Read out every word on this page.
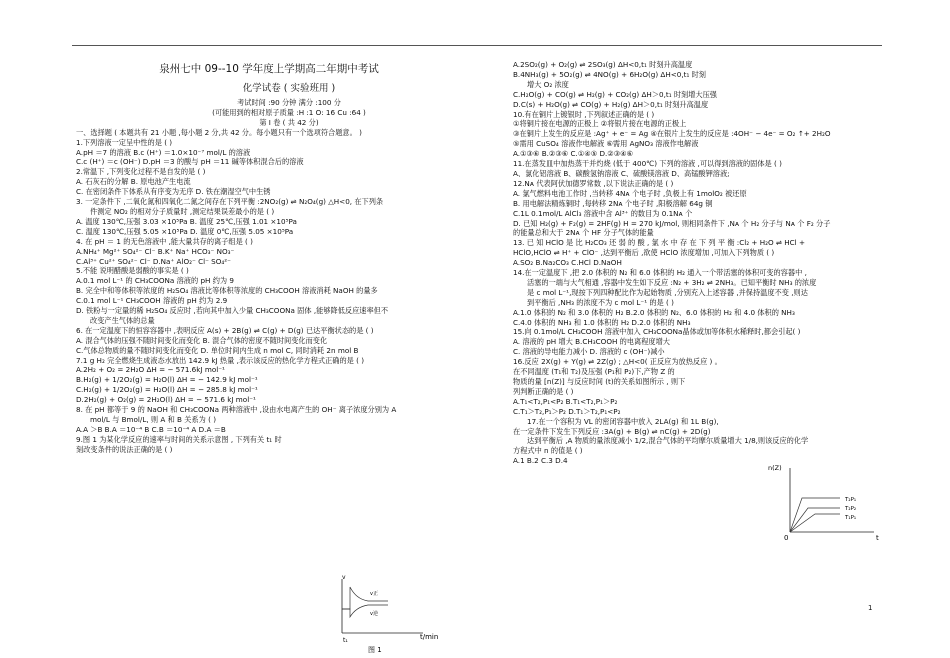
泉州七中 09--10 学年度上学期高二年期中考试

化学试卷 ( 实验班用 )

考试时间 :90 分钟 满分 :100 分

(可能用到的相对原子质量 :H :1 O: 16 Cu :64 )

第 I 卷 ( 共 42 分)

一、选择题 ( 本题共有 21 小题 ,每小题 2 分,共 42 分。每小题只有一个选项符合题意。 )

1.下列溶液一定呈中性的是 ( )

A.pH ＝7 的溶液 B.c (H⁺) ＝1.0×10⁻⁷ mol/L 的溶液

C.c (H⁺) ＝c (OH⁻) D.pH ＝3 的酸与 pH ＝11 碱等体积混合后的溶液

2.常温下 ,下列变化过程不是自发的是 ( )

A. 石灰石的分解 B. 原电池产生电流

C. 在密闭条件下体系从有序变为无序 D. 铁在潮湿空气中生锈

3. 一定条件下 ,二氧化氮和四氧化二氮之间存在下列平衡 :2NO₂(g) ⇌ N₂O₄(g) △H<0, 在下列条

件测定 NO₂ 的相对分子质量时 ,测定结果误差最小的是 ( )

A. 温度 130℃,压强 3.03 ×10⁵Pa B. 温度 25℃,压强 1.01 ×10⁵Pa

C. 温度 130℃,压强 5.05 ×10⁵Pa D. 温度 0℃,压强 5.05 ×10⁵Pa

4. 在 pH ＝ 1 的无色溶液中 ,能大量共存的离子组是 ( )

A.NH₄⁺ Mg²⁺ SO₄²⁻ Cl⁻ B.K⁺ Na⁺ HCO₃⁻ NO₃⁻

C.Al³⁺ Cu²⁺ SO₄²⁻ Cl⁻ D.Na⁺ AlO₂⁻ Cl⁻ SO₄²⁻

5.不能 说明醋酸是弱酸的事实是 ( )

A.0.1 mol L⁻¹ 的 CH₃COONa 溶液的 pH 约为 9

B. 完全中和等体积等浓度的 H₂SO₄ 溶液比等体积等浓度的 CH₃COOH 溶液消耗 NaOH 的量多

C.0.1 mol L⁻¹ CH₃COOH 溶液的 pH 约为 2.9

D. 铁粉与一定量的稀 H₂SO₄ 反应时 ,若向其中加入少量 CH₃COONa 固体 ,能够降低反应速率但不

改变产生气体的总量

6. 在一定温度下的恒容容器中 ,表明反应 A(s) + 2B(g) ⇌ C(g) + D(g) 已达平衡状态的是 ( )

A. 混合气体的压强不随时间变化而变化 B. 混合气体的密度不随时间变化而变化

C.气体总物质的量不随时间变化而变化 D. 单位时间内生成 n mol C, 同时消耗 2n mol B

7.1 g H₂ 完全燃烧生成液态水放出 142.9 kJ 热量 ,表示该反应的热化学方程式正确的是 ( )

A.2H₂ + O₂ = 2H₂O ΔH = − 571.6kJ mol⁻¹

B.H₂(g) + 1/2O₂(g) = H₂O(l) ΔH = − 142.9 kJ mol⁻¹

C.H₂(g) + 1/2O₂(g) = H₂O(l) ΔH = − 285.8 kJ mol⁻¹

D.2H₂(g) + O₂(g) = 2H₂O(l) ΔH = − 571.6 kJ mol⁻¹

8. 在 pH 都等于 9 的 NaOH 和 CH₃COONa 两种溶液中 ,设由水电离产生的 OH⁻ 离子浓度分别为 A

mol/L 与 Bmol/L, 则 A 和 B 关系为 ( )

A.A ＞B B.A ＝10⁻⁴ B C.B ＝10⁻⁴ A D.A ＝B

9.图 1 为某化学反应的速率与时间的关系示意图 , 下列有关 t₁ 时

刻改变条件的说法正确的是 ( )

v
t/min
t₁
v正
v逆
图 1

A.2SO₂(g) + O₂(g) ⇌ 2SO₃(g) ΔH<0,t₁ 时刻升高温度

B.4NH₃(g) + 5O₂(g) ⇌ 4NO(g) + 6H₂O(g) ΔH<0,t₁ 时刻

增大 O₂ 浓度

C.H₂O(g) + CO(g) ⇌ H₂(g) + CO₂(g) ΔH＞0,t₁ 时刻增大压强

D.C(s) + H₂O(g) ⇌ CO(g) + H₂(g) ΔH＞0,t₁ 时刻升高温度

10.有在铜片上镀银时 ,下列叙述正确的是 ( )

①将铜片接在电源的正极上 ②将银片接在电源的正极上

③在铜片上发生的反应是 :Ag⁺ + e⁻ = Ag ④在银片上发生的反应是 :4OH⁻ − 4e⁻ = O₂ ↑+ 2H₂O

⑤需用 CuSO₄ 溶液作电解液 ⑥需用 AgNO₃ 溶液作电解液

A.①③⑥ B.②③⑥ C.①④⑤ D.②③④⑥

11.在蒸发皿中加热蒸干并灼烧 (低于 400℃) 下列的溶液 ,可以得到溶液的固体是 ( )

A、氯化铝溶液 B、碳酸氢钠溶液 C、硫酸镁溶液 D、高锰酸钾溶液;

12.Nᴀ 代表阿伏加德罗常数 ,以下说法正确的是 ( )

A. 氯气燃料电池工作时 ,当转移 4Nᴀ 个电子时 ,负极上有 1molO₂ 被还原

B. 用电解法精炼铜时 ,每转移 2Nᴀ 个电子时 ,阳极溶解 64g 铜

C.1L 0.1mol/L AlCl₃ 溶液中含 Al³⁺ 的数目为 0.1Nᴀ 个

D. 已知 H₂(g) + F₂(g) = 2HF(g) H = 270 kJ/mol, 则相同条件下 ,Nᴀ 个 H₂ 分子与 Nᴀ 个 F₂ 分子

的能量总和大于 2Nᴀ 个 HF 分子气体的能量

13. 已 知 HClO 是 比 H₂CO₃ 还 弱 的 酸 , 氯 水 中 存 在 下 列 平 衡 :Cl₂ + H₂O ⇌ HCl +

HClO,HClO ⇌ H⁺ + ClO⁻ ,达到平衡后 ,欲使 HClO 浓度增加 ,可加入下列物质 ( )

A.SO₂ B.Na₂CO₃ C.HCl D.NaOH

14.在一定温度下 ,把 2.0 体积的 N₂ 和 6.0 体积的 H₂ 通入一个带活塞的体积可变的容器中 ,

活塞的一端与大气相通 ,容器中发生如下反应 :N₂ + 3H₂ ⇌ 2NH₃。已知平衡时 NH₃ 的浓度

是 c mol L⁻¹,现按下列四种配比作为起始物质 ,分别充入上述容器 ,并保持温度不变 ,则达

到平衡后 ,NH₃ 的浓度不为 c mol L⁻¹ 的是 ( )

A.1.0 体积的 N₂ 和 3.0 体积的 H₂ B.2.0 体积的 N₂、6.0 体积的 H₂ 和 4.0 体积的 NH₃

C.4.0 体积的 NH₃ 和 1.0 体积的 H₂ D.2.0 体积的 NH₃

15.向 0.1mol/L CH₃COOH 溶液中加入 CH₃COONa晶体或加等体积水稀释时,都会引起( )

A. 溶液的 pH 增大 B.CH₃COOH 的电离程度增大

C. 溶液的导电能力减小 D. 溶液的 c (OH⁻)减小

16.反应 2X(g) + Y(g) ⇌ 2Z(g) ; △H<0( 正反应为放热反应 ) 。

在不同温度 (T₁和 T₂)及压强 (P₁和 P₂)下,产物 Z 的

物质的量 [n(Z)] 与反应时间 (t)的关系如图所示 , 则下

列判断正确的是 ( )

A.T₁<T₂,P₁<P₂ B.T₁<T₂,P₁＞P₂

C.T₁＞T₂,P₁＞P₂ D.T₁＞T₂,P₁<P₂

17.在一个容积为 VL 的密闭容器中放入 2LA(g) 和 1L B(g),

在一定条件下发生下列反应 :3A(g) + B(g) ⇌ nC(g) + 2D(g)

达到平衡后 ,A 物质的量浓度减小 1/2,混合气体的平均摩尔质量增大 1/8,则该反应的化学

方程式中 n 的值是 ( )

A.1 B.2 C.3 D.4

n(Z)
t
0
T₂P₁
T₂P₂
T₁P₁
1
